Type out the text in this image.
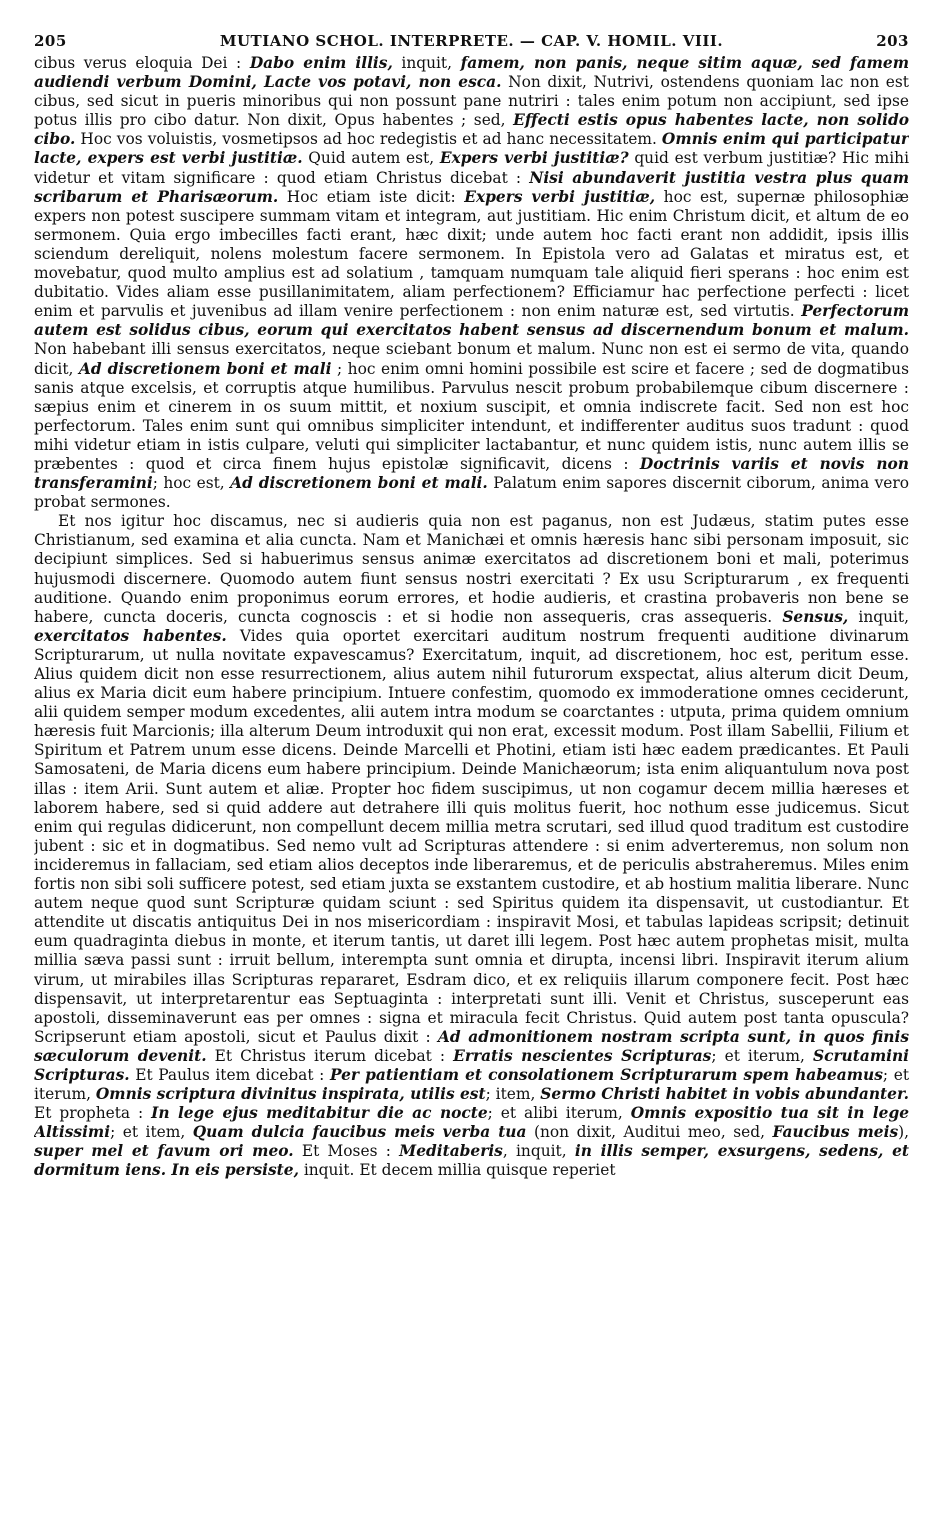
205	MUTIANO SCHOL. INTERPRETE. — CAP. V. HOMIL. VIII.	203

cibus verus eloquia Dei : Dabo enim illis, inquit, famem, non panis, neque sitim aquæ, sed famem audiendi verbum Domini, Lacte vos potavi, non esca. Non dixit, Nutrivi, ostendens quoniam lac non est cibus, sed sicut in pueris minoribus qui non possunt pane nutriri : tales enim potum non accipiunt, sed ipse potus illis pro cibo datur. Non dixit, Opus habentes ; sed, Effecti estis opus habentes lacte, non solido cibo. Hoc vos voluistis, vosmetipsos ad hoc redegistis et ad hanc necessitatem. Omnis enim qui participatur lacte, expers est verbi justitiæ. Quid autem est, Expers verbi justitiæ? quid est verbum justitiæ? Hic mihi videtur et vitam significare : quod etiam Christus dicebat : Nisi abundaverit justitia vestra plus quam scribarum et Pharisæorum. Hoc etiam iste dicit: Expers verbi justitiæ, hoc est, supernæ philosophiæ expers non potest suscipere summam vitam et integram, aut justitiam. Hic enim Christum dicit, et altum de eo sermonem. Quia ergo imbecilles facti erant, hæc dixit; unde autem hoc facti erant non addidit, ipsis illis sciendum dereliquit, nolens molestum facere sermonem. In Epistola vero ad Galatas et miratus est, et movebatur, quod multo amplius est ad solatium , tamquam numquam tale aliquid fieri sperans : hoc enim est dubitatio. Vides aliam esse pusillanimitatem, aliam perfectionem? Efficiamur hac perfectione perfecti : licet enim et parvulis et juvenibus ad illam venire perfectionem : non enim naturæ est, sed virtutis. Perfectorum autem est solidus cibus, eorum qui exercitatos habent sensus ad discernendum bonum et malum. Non habebant illi sensus exercitatos, neque sciebant bonum et malum. Nunc non est ei sermo de vita, quando dicit, Ad discretionem boni et mali ; hoc enim omni homini possibile est scire et facere ; sed de dogmatibus sanis atque excelsis, et corruptis atque humilibus. Parvulus nescit probum probabilemque cibum discernere : sæpius enim et cinerem in os suum mittit, et noxium suscipit, et omnia indiscrete facit. Sed non est hoc perfectorum. Tales enim sunt qui omnibus simpliciter intendunt, et indifferenter auditus suos tradunt : quod mihi videtur etiam in istis culpare, veluti qui simpliciter lactabantur, et nunc quidem istis, nunc autem illis se præbentes : quod et circa finem hujus epistolæ significavit, dicens : Doctrinis variis et novis non transferamini; hoc est, Ad discretionem boni et mali. Palatum enim sapores discernit ciborum, anima vero probat sermones.

Et nos igitur hoc discamus, nec si audieris quia non est paganus, non est Judæus, statim putes esse Christianum, sed examina et alia cuncta. Nam et Manichæi et omnis hæresis hanc sibi personam imposuit, sic decipiunt simplices. Sed si habuerimus sensus animæ exercitatos ad discretionem boni et mali, poterimus hujusmodi discernere. Quomodo autem fiunt sensus nostri exercitati ? Ex usu Scripturarum , ex frequenti auditione. Quando enim proponimus eorum errores, et hodie audieris, et crastina probaveris non bene se habere, cuncta doceris, cuncta cognoscis : et si hodie non assequeris, cras assequeris. Sensus, inquit, exercitatos habentes. Vides quia oportet exercitari auditum nostrum frequenti auditione divinarum Scripturarum, ut nulla novitate expavescamus? Exercitatum, inquit, ad discretionem, hoc est, peritum esse. Alius quidem dicit non esse resurrectionem, alius autem nihil futurorum exspectat, alius alterum dicit Deum, alius ex Maria dicit eum habere principium. Intuere confestim, quomodo ex immoderatione omnes ceciderunt, alii quidem semper modum excedentes, alii autem intra modum se coarctantes : utputa, prima quidem omnium hæresis fuit Marcionis; illa alterum Deum introduxit qui non erat, excessit modum. Post illam Sabellii, Filium et Spiritum et Patrem unum esse dicens. Deinde Marcelli et Photini, etiam isti hæc eadem prædicantes. Et Pauli Samosateni, de Maria dicens eum habere principium. Deinde Manichæorum; ista enim aliquantulum nova post illas : item Arii. Sunt autem et aliæ. Propter hoc fidem suscipimus, ut non cogamur decem millia hæreses et laborem habere, sed si quid addere aut detrahere illi quis molitus fuerit, hoc nothum esse judicemus. Sicut enim qui regulas didicerunt, non compellunt decem millia metra scrutari, sed illud quod traditum est custodire jubent : sic et in dogmatibus. Sed nemo vult ad Scripturas attendere : si enim adverteremus, non solum non incideremus in fallaciam, sed etiam alios deceptos inde liberaremus, et de periculis abstraheremus. Miles enim fortis non sibi soli sufficere potest, sed etiam juxta se exstantem custodire, et ab hostium malitia liberare. Nunc autem neque quod sunt Scripturæ quidam sciunt : sed Spiritus quidem ita dispensavit, ut custodiantur. Et attendite ut discatis antiquitus Dei in nos misericordiam : inspiravit Mosi, et tabulas lapideas scripsit; detinuit eum quadraginta diebus in monte, et iterum tantis, ut daret illi legem. Post hæc autem prophetas misit, multa millia sæva passi sunt : irruit bellum, interempta sunt omnia et dirupta, incensi libri. Inspiravit iterum alium virum, ut mirabiles illas Scripturas repararet, Esdram dico, et ex reliquiis illarum componere fecit. Post hæc dispensavit, ut interpretarentur eas Septuaginta : interpretati sunt illi. Venit et Christus, susceperunt eas apostoli, disseminaverunt eas per omnes : signa et miracula fecit Christus. Quid autem post tanta opuscula? Scripserunt etiam apostoli, sicut et Paulus dixit : Ad admonitionem nostram scripta sunt, in quos finis sæculorum devenit. Et Christus iterum dicebat : Erratis nescientes Scripturas; et iterum, Scrutamini Scripturas. Et Paulus item dicebat : Per patientiam et consolationem Scripturarum spem habeamus; et iterum, Omnis scriptura divinitus inspirata, utilis est; item, Sermo Christi habitet in vobis abundanter. Et propheta : In lege ejus meditabitur die ac nocte; et alibi iterum, Omnis expositio tua sit in lege Altissimi; et item, Quam dulcia faucibus meis verba tua (non dixit, Auditui meo, sed, Faucibus meis), super mel et favum ori meo. Et Moses : Meditaberis, inquit, in illis semper, exsurgens, sedens, et dormitum iens. In eis persiste, inquit. Et decem millia quisque reperiet
